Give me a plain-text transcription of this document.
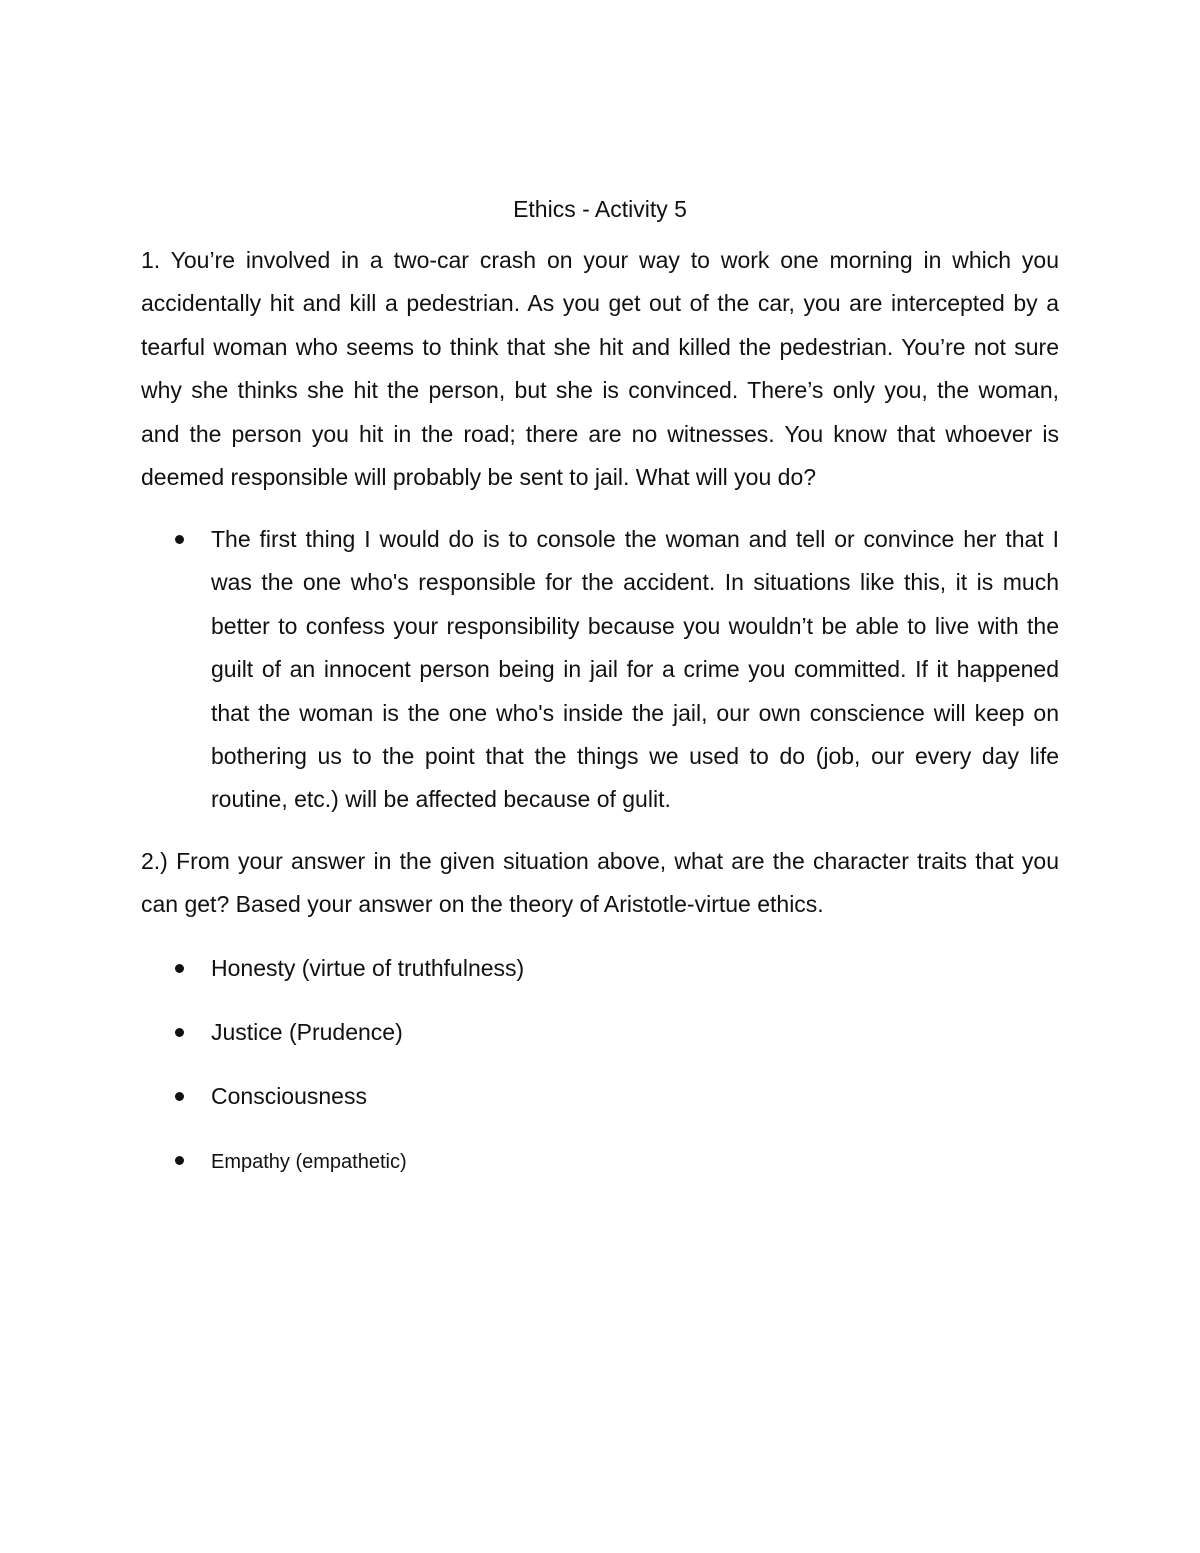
Ethics - Activity 5

1. You’re involved in a two-car crash on your way to work one morning in which you accidentally hit and kill a pedestrian. As you get out of the car, you are intercepted by a tearful woman who seems to think that she hit and killed the pedestrian. You’re not sure why she thinks she hit the person, but she is convinced. There’s only you, the woman, and the person you hit in the road; there are no witnesses. You know that whoever is deemed responsible will probably be sent to jail. What will you do?

The first thing I would do is to console the woman and tell or convince her that I was the one who's responsible for the accident. In situations like this, it is much better to confess your responsibility because you wouldn’t be able to live with the guilt of an innocent person being in jail for a crime you committed. If it happened that the woman is the one who's inside the jail, our own conscience will keep on bothering us to the point that the things we used to do (job, our every day life routine, etc.) will be affected because of gulit.

2.) From your answer in the given situation above, what are the character traits that you can get? Based your answer on the theory of Aristotle-virtue ethics.

Honesty (virtue of truthfulness)
Justice (Prudence)
Consciousness
Empathy (empathetic)
